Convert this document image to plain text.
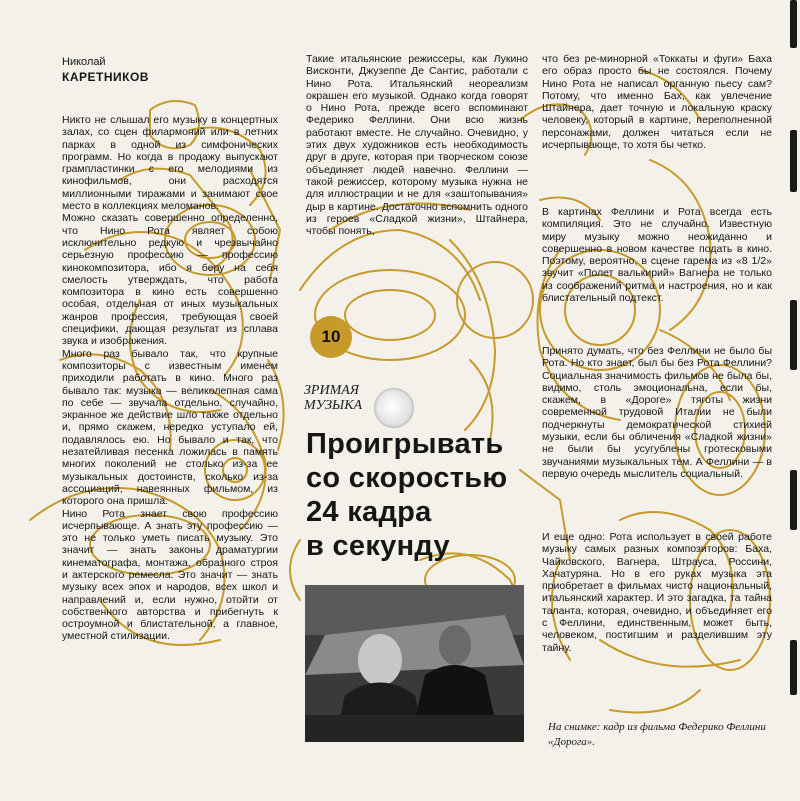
Николай
КАРЕТНИКОВ
Никто не слышал его музыку в концертных залах, со сцен филармоний или в летних парках в одной из симфонических программ. Но когда в продажу выпускают грампластинки с его мелодиями из кинофильмов, они расходятся миллионными тиражами и занимают свое место в коллекциях меломанов.
Можно сказать совершенно определенно, что Нино Рота являет собою исключительно редкую и чрезвычайно серьезную профессию — профессию кинокомпозитора, ибо я беру на себя смелость утверждать, что работа композитора в кино есть совершенно особая, отдельная от иных музыкальных жанров профессия, требующая своей специфики, дающая результат из сплава звука и изображения.
Много раз бывало так, что крупные композиторы с известным именем приходили работать в кино. Много раз бывало так: музыка — великолепная сама по себе — звучала отдельно, случайно, экранное же действие шло также отдельно и, прямо скажем, нередко уступало ей, подавлялось ею. Но бывало и так, что незатейливая песенка ложилась в память многих поколений не столько из-за ее музыкальных достоинств, сколько из-за ассоциаций, навеянных фильмом, из которого она пришла.
Нино Рота знает свою профессию исчерпывающе. А знать эту профессию — это не только уметь писать музыку. Это значит — знать законы драматургии кинематографа, монтажа, образного строя и актерского ремесла. Это значит — знать музыку всех эпох и народов, всех школ и направлений и, если нужно, отойти от собственного авторства и прибегнуть к остроумной и блистательной, а главное, уместной стилизации.
Такие итальянские режиссеры, как Лукино Висконти, Джузеппе Де Сантис, работали с Нино Рота. Итальянский неореализм окрашен его музыкой. Однако когда говорят о Нино Рота, прежде всего вспоминают Федерико Феллини. Они всю жизнь работают вместе. Не случайно. Очевидно, у этих двух художников есть необходимость друг в друге, которая при творческом союзе объединяет людей навечно. Феллини — такой режиссер, которому музыка нужна не для иллюстрации и не для «заштопывания» дыр в картине. Достаточно вспомнить одного из героев «Сладкой жизни», Штайнера, чтобы понять,
что без ре-минорной «Токкаты и фуги» Баха его образ просто бы не состоялся. Почему Нино Рота не написал органную пьесу сам? Потому, что именно Бах, как увлечение Штайнера, дает точную и локальную краску человеку, который в картине, переполненной персонажами, должен читаться если не исчерпывающе, то хотя бы четко.
В картинах Феллини и Рота всегда есть компиляция. Это не случайно. Известную миру музыку можно неожиданно и совершенно в новом качестве подать в кино. Поэтому, вероятно, в сцене гарема из «8 1/2» звучит «Полет валькирий» Вагнера не только из соображений ритма и настроения, но и как блистательный подтекст.
Принято думать, что без Феллини не было бы Рота. Но кто знает, был бы без Рота Феллини? Социальная значимость фильмов не была бы, видимо, столь эмоциональна, если бы, скажем, в «Дороге» тяготы жизни современной трудовой Италии не были подчеркнуты демократической стихией музыки, если бы обличения «Сладкой жизни» не были бы усугублены гротесковыми звучаниями музыкальных тем. А Феллини — в первую очередь мыслитель социальный.
И еще одно: Рота использует в своей работе музыку самых разных композиторов: Баха, Чайковского, Вагнера, Штрауса, Россини, Хачатуряна. Но в его руках музыка эта приобретает в фильмах чисто национальный, итальянский характер. И это загадка, та тайна таланта, которая, очевидно, и объединяет его с Феллини, единственным, может быть, человеком, постигшим и разделившим эту тайну.
10
ЗРИМАЯ
МУЗЫКА
Проигрывать
со скоростью
24 кадра
в секунду
На снимке: кадр из фильма Федерико Феллини «Дорога».
